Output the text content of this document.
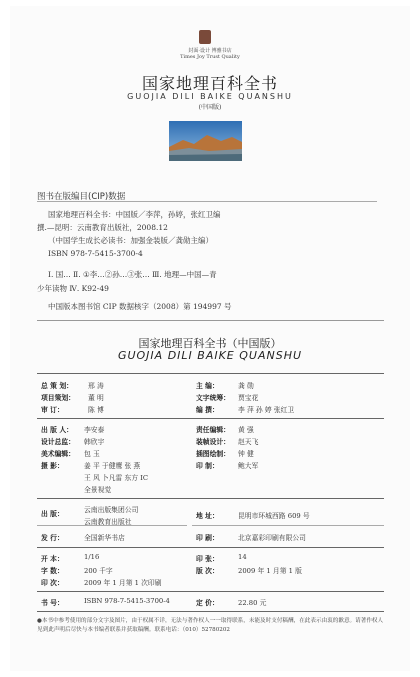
封面·设计 博雅书店
Times Joy Trust Quality
国家地理百科全书
GUOJIA DILI BAIKE QUANSHU
(中国版)
图书在版编目(CIP)数据
国家地理百科全书：中国版／李萍，孙婷，张红卫编
撰.—昆明：云南教育出版社，2008.12
（中国学生成长必读书：加强金装版／龚勋主编）
ISBN 978-7-5415-3700-4
Ⅰ. 国… Ⅱ. ①李…②孙…③张… Ⅲ. 地理—中国—青
少年读物 Ⅳ. K92-49
中国版本图书馆 CIP 数据核字（2008）第 194997 号
国家地理百科全书（中国版）
GUOJIA DILI BAIKE QUANSHU
总 策 划： 邢 涛	主 编：	龚 勋
项目策划： 董 明	文字统筹： 贾宝花
审 订：	陈 博	编 撰：	李 萍 孙 婷 张红卫
出 版 人： 李安泰	责任编辑： 黄 强
设计总监： 韩欣宇	装帧设计： 赵天飞
美术编辑： 包 玉	插图绘制： 钟 健
摄 影：	姜 平 于健鹰 张 燕	印 制：	鲍大军
王 风 卜凡雷 东方 IC
全景视觉
出 版：	云南出版集团公司
地 址：	昆明市环城西路 609 号
云南教育出版社
发 行：	全国新华书店	印 刷：	北京嘉彩印刷有限公司
开 本：	1/16	印 张：	14
字 数：	200 千字	版 次：	2009 年 1 月第 1 版
印 次：	2009 年 1 月第 1 次印刷
书 号：	ISBN 978-7-5415-3700-4	定 价：	22.80 元
●本书中参考使用的部分文字及图片，由于权属不详，无法与著作权人一一取得联系，未能及时支付稿酬，在此表示由衷的歉意。请著作权人见到此声明后尽快与本书编者联系并获取稿酬。联系电话：（010）52780202
